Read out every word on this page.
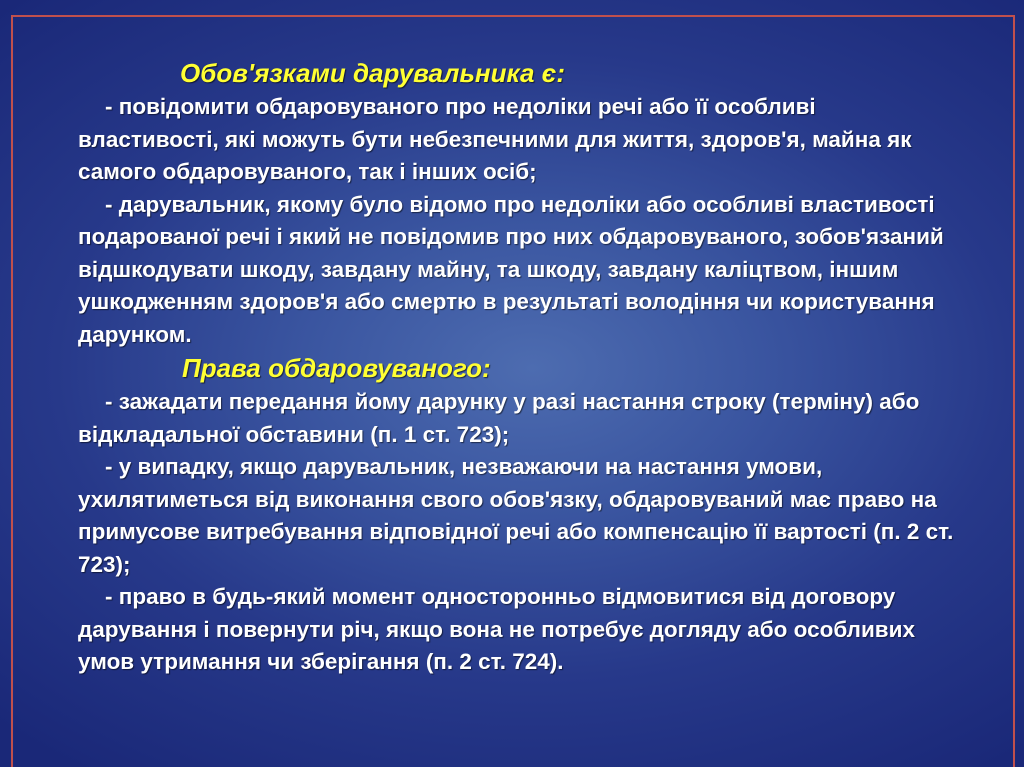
Обов'язками дарувальника є:
- повідомити обдаровуваного про недоліки речі або її особливі властивості, які можуть бути небезпечними для життя, здоров'я, майна як самого обдаровуваного, так і інших осіб;
- дарувальник, якому було відомо про недоліки або особливі властивості подарованої речі і який не повідомив про них обдаровуваного, зобов'язаний відшкодувати шкоду, завдану майну, та шкоду, завдану каліцтвом, іншим ушкодженням здоров'я або смертю в результаті володіння чи користування дарунком.
Права обдаровуваного:
- зажадати передання йому дарунку у разі настання строку (терміну) або відкладальної обставини (п. 1 ст. 723);
- у випадку, якщо дарувальник, незважаючи на настання умови, ухилятиметься від виконання свого обов'язку, обдаровуваний має право на примусове витребування відповідної речі або компенсацію її вартості (п. 2 ст. 723);
- право в будь-який момент односторонньо відмовитися від договору дарування і повернути річ, якщо вона не потребує догляду або особливих умов утримання чи зберігання (п. 2 ст. 724).
